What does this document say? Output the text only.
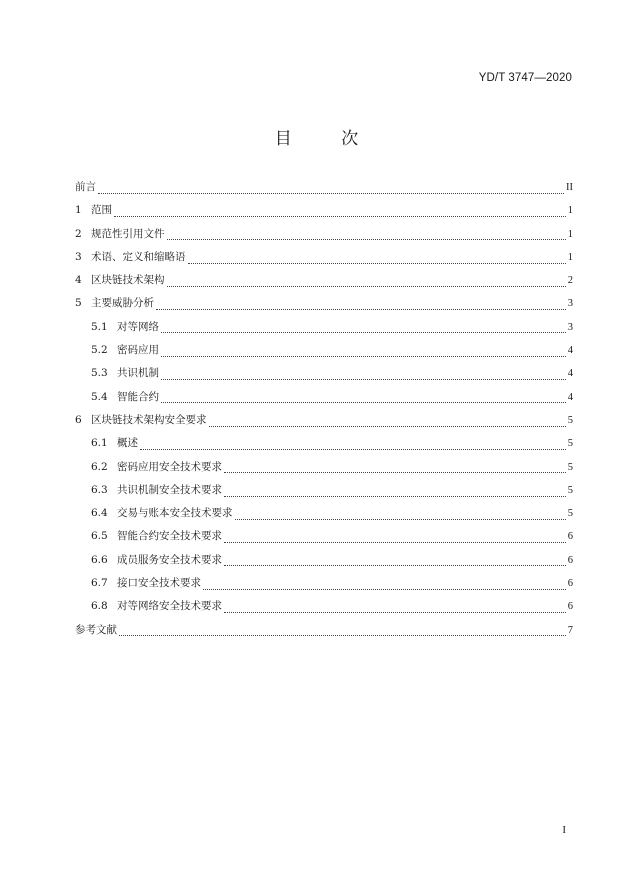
YD/T 3747—2020
目 次
前言	II
1 范围	1
2 规范性引用文件	1
3 术语、定义和缩略语	1
4 区块链技术架构	2
5 主要威胁分析	3
5.1 对等网络	3
5.2 密码应用	4
5.3 共识机制	4
5.4 智能合约	4
6 区块链技术架构安全要求	5
6.1 概述	5
6.2 密码应用安全技术要求	5
6.3 共识机制安全技术要求	5
6.4 交易与账本安全技术要求	5
6.5 智能合约安全技术要求	6
6.6 成员服务安全技术要求	6
6.7 接口安全技术要求	6
6.8 对等网络安全技术要求	6
参考文献	7
I
